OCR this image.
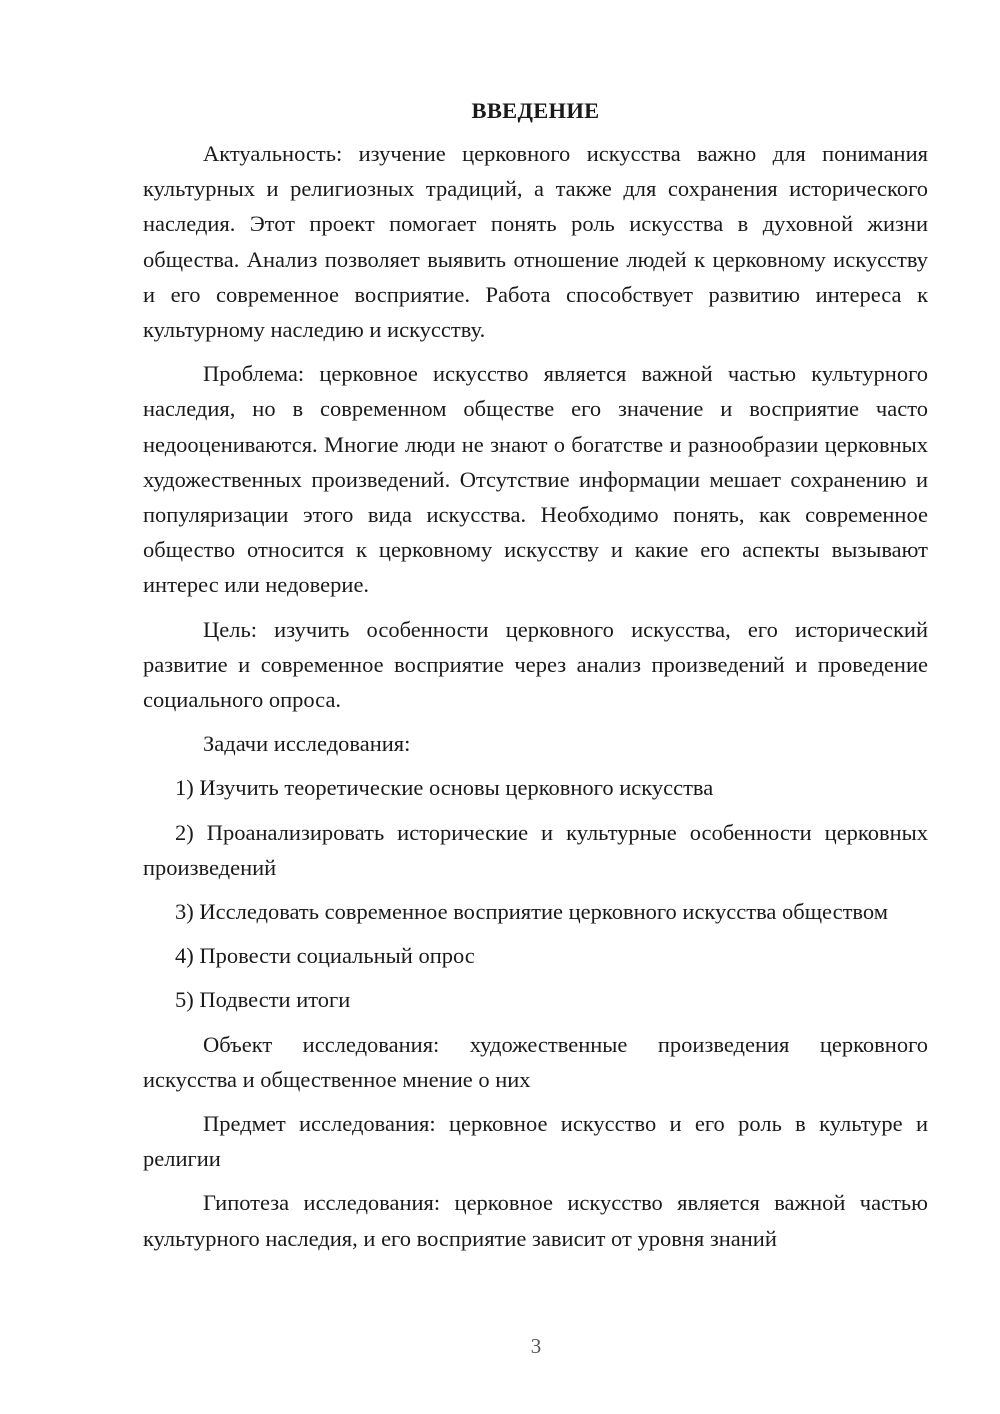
ВВЕДЕНИЕ

Актуальность: изучение церковного искусства важно для понимания культурных и религиозных традиций, а также для сохранения исторического наследия. Этот проект помогает понять роль искусства в духовной жизни общества. Анализ позволяет выявить отношение людей к церковному искусству и его современное восприятие. Работа способствует развитию интереса к культурному наследию и искусству.

Проблема: церковное искусство является важной частью культурного наследия, но в современном обществе его значение и восприятие часто недооцениваются. Многие люди не знают о богатстве и разнообразии церковных художественных произведений. Отсутствие информации мешает сохранению и популяризации этого вида искусства. Необходимо понять, как современное общество относится к церковному искусству и какие его аспекты вызывают интерес или недоверие.

Цель: изучить особенности церковного искусства, его исторический развитие и современное восприятие через анализ произведений и проведение социального опроса.

Задачи исследования:

1) Изучить теоретические основы церковного искусства

2) Проанализировать исторические и культурные особенности церковных произведений

3) Исследовать современное восприятие церковного искусства обществом

4) Провести социальный опрос

5) Подвести итоги

Объект исследования: художественные произведения церковного искусства и общественное мнение о них

Предмет исследования: церковное искусство и его роль в культуре и религии

Гипотеза исследования: церковное искусство является важной частью культурного наследия, и его восприятие зависит от уровня знаний

3
